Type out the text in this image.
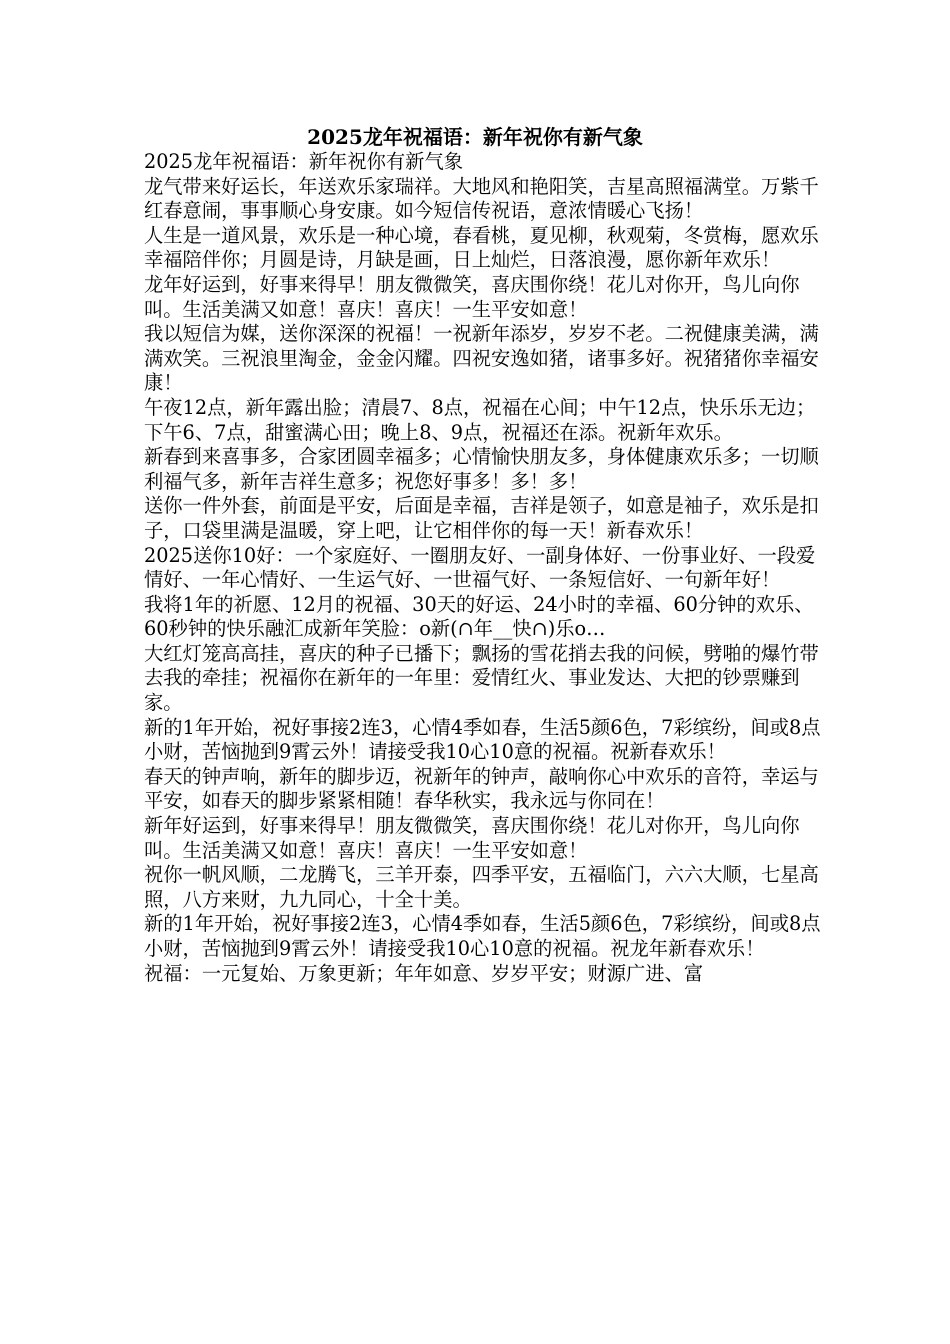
2025龙年祝福语：新年祝你有新气象

2025龙年祝福语：新年祝你有新气象

龙气带来好运长，年送欢乐家瑞祥。大地风和艳阳笑，吉星高照福满堂。万紫千红春意闹，事事顺心身安康。如今短信传祝语，意浓情暖心飞扬！

人生是一道风景，欢乐是一种心境，春看桃，夏见柳，秋观菊，冬赏梅，愿欢乐幸福陪伴你；月圆是诗，月缺是画，日上灿烂，日落浪漫，愿你新年欢乐！

龙年好运到，好事来得早！朋友微微笑，喜庆围你绕！花儿对你开，鸟儿向你叫。生活美满又如意！喜庆！喜庆！一生平安如意！

我以短信为媒，送你深深的祝福！一祝新年添岁，岁岁不老。二祝健康美满，满满欢笑。三祝浪里淘金，金金闪耀。四祝安逸如猪，诸事多好。祝猪猪你幸福安康！

午夜12点，新年露出脸；清晨7、8点，祝福在心间；中午12点，快乐乐无边；下午6、7点，甜蜜满心田；晚上8、9点，祝福还在添。祝新年欢乐。

新春到来喜事多，合家团圆幸福多；心情愉快朋友多，身体健康欢乐多；一切顺利福气多，新年吉祥生意多；祝您好事多！多！多！

送你一件外套，前面是平安，后面是幸福，吉祥是领子，如意是袖子，欢乐是扣子，口袋里满是温暖，穿上吧，让它相伴你的每一天！新春欢乐！

2025送你10好：一个家庭好、一圈朋友好、一副身体好、一份事业好、一段爱情好、一年心情好、一生运气好、一世福气好、一条短信好、一句新年好！

我将1年的祈愿、12月的祝福、30天的好运、24小时的幸福、60分钟的欢乐、60秒钟的快乐融汇成新年笑脸：o新(∩年__快∩)乐o…

大红灯笼高高挂，喜庆的种子已播下；飘扬的雪花捎去我的问候，劈啪的爆竹带去我的牵挂；祝福你在新年的一年里：爱情红火、事业发达、大把的钞票赚到家。

新的1年开始，祝好事接2连3，心情4季如春，生活5颜6色，7彩缤纷，间或8点小财，苦恼抛到9霄云外！请接受我10心10意的祝福。祝新春欢乐！

春天的钟声响，新年的脚步迈，祝新年的钟声，敲响你心中欢乐的音符，幸运与平安，如春天的脚步紧紧相随！春华秋实，我永远与你同在！

新年好运到，好事来得早！朋友微微笑，喜庆围你绕！花儿对你开，鸟儿向你叫。生活美满又如意！喜庆！喜庆！一生平安如意！

祝你一帆风顺，二龙腾飞，三羊开泰，四季平安，五福临门，六六大顺，七星高照，八方来财，九九同心，十全十美。

新的1年开始，祝好事接2连3，心情4季如春，生活5颜6色，7彩缤纷，间或8点小财，苦恼抛到9霄云外！请接受我10心10意的祝福。祝龙年新春欢乐！

祝福：一元复始、万象更新；年年如意、岁岁平安；财源广进、富
